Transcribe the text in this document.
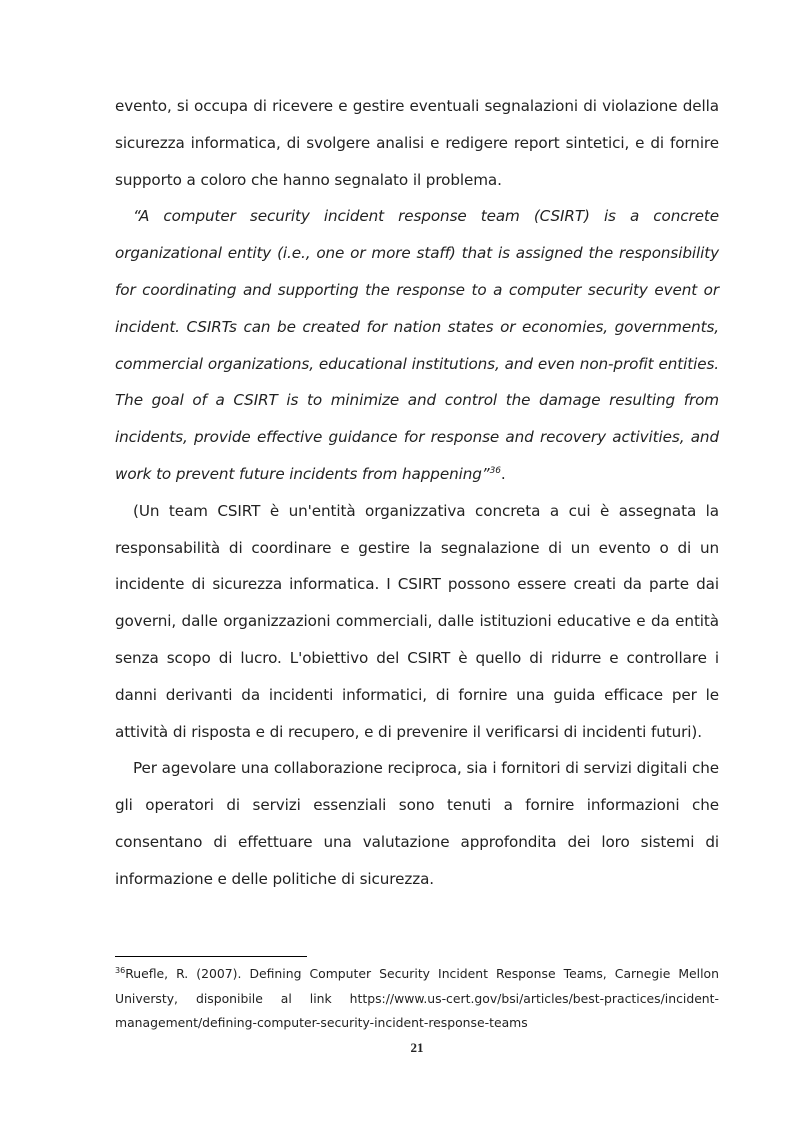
evento, si occupa di ricevere e gestire eventuali segnalazioni di violazione della sicurezza informatica, di svolgere analisi e redigere report sintetici, e di fornire supporto a coloro che hanno segnalato il problema.

“A computer security incident response team (CSIRT) is a concrete organizational entity (i.e., one or more staff) that is assigned the responsibility for coordinating and supporting the response to a computer security event or incident. CSIRTs can be created for nation states or economies, governments, commercial organizations, educational institutions, and even non-profit entities. The goal of a CSIRT is to minimize and control the damage resulting from incidents, provide effective guidance for response and recovery activities, and work to prevent future incidents from happening”$^{36}$.

(Un team CSIRT è un'entità organizzativa concreta a cui è assegnata la responsabilità di coordinare e gestire la segnalazione di un evento o di un incidente di sicurezza informatica. I CSIRT possono essere creati da parte dai governi, dalle organizzazioni commerciali, dalle istituzioni educative e da entità senza scopo di lucro. L'obiettivo del CSIRT è quello di ridurre e controllare i danni derivanti da incidenti informatici, di fornire una guida efficace per le attività di risposta e di recupero, e di prevenire il verificarsi di incidenti futuri).

Per agevolare una collaborazione reciproca, sia i fornitori di servizi digitali che gli operatori di servizi essenziali sono tenuti a fornire informazioni che consentano di effettuare una valutazione approfondita dei loro sistemi di informazione e delle politiche di sicurezza.

$^{36}$Ruefle, R. (2007). Defining Computer Security Incident Response Teams, Carnegie Mellon Universty, disponibile al link https://www.us-cert.gov/bsi/articles/best-practices/incident-management/defining-computer-security-incident-response-teams
21
